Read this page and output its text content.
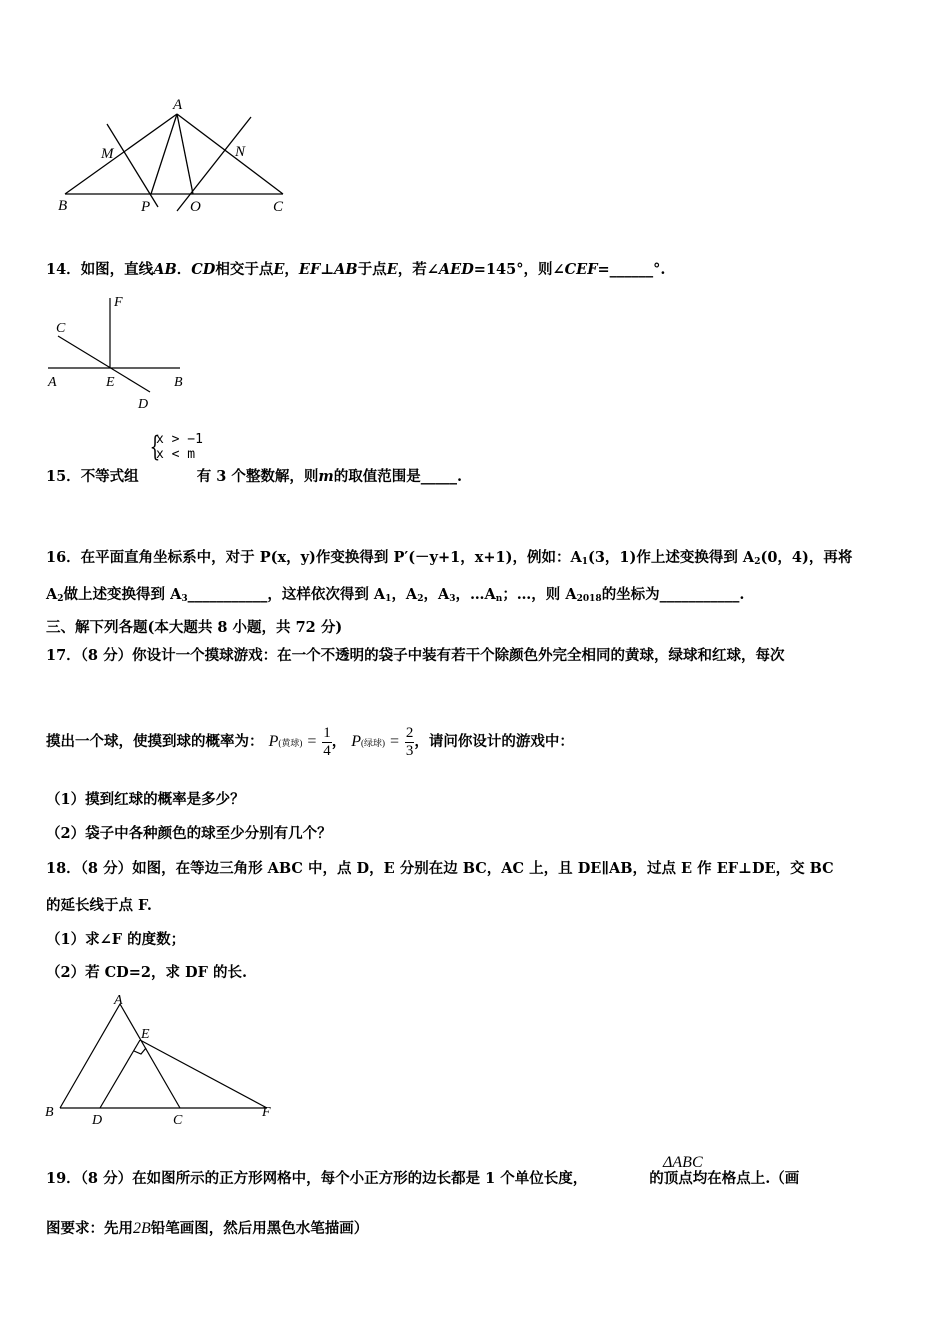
A
M	N
B	P	O	C
14．如图，直线AB．CD相交于点E，EF⊥AB于点E，若∠AED=145°，则∠CEF=______°.
F
C
A	E	B
D
{
x > −1
x < m
15．不等式组	有 3 个整数解，则m的取值范围是_____.
16．在平面直角坐标系中，对于 P(x，y)作变换得到 P′(－y+1，x+1)，例如：$A_1(3$，1)作上述变换得到 $A_2(0$，4)，再将
$A_2$做上述变换得到 $A_3\_\_\_\_\_\_\_\_\_\_\_$，这样依次得到 $A_1$，$A_2$，$A_3$，$\dots A_n$；…，则 $A_{2018}$的坐标为___________.
三、解下列各题(本大题共 8 小题，共 72 分)
17．（8 分）你设计一个摸球游戏：在一个不透明的袋子中装有若干个除颜色外完全相同的黄球，绿球和红球，每次
摸出一个球，使摸到球的概率为： P(黄球) = $\frac{1}{4}$ ， P(绿球) = $\frac{2}{3}$ ，请问你设计的游戏中：
（1）摸到红球的概率是多少？
（2）袋子中各种颜色的球至少分别有几个？
18．（8 分）如图，在等边三角形 ABC 中，点 D，E 分别在边 BC，AC 上，且 DE∥AB，过点 E 作 EF⊥DE，交 BC
的延长线于点 F.
（1）求∠F 的度数；
（2）若 CD=2，求 DF 的长.
A
E
B
D	C
F
ΔABC
19．（8 分）在如图所示的正方形网格中，每个小正方形的边长都是 1 个单位长度，	的顶点均在格点上.（画
图要求：先用2B铅笔画图，然后用黑色水笔描画）
